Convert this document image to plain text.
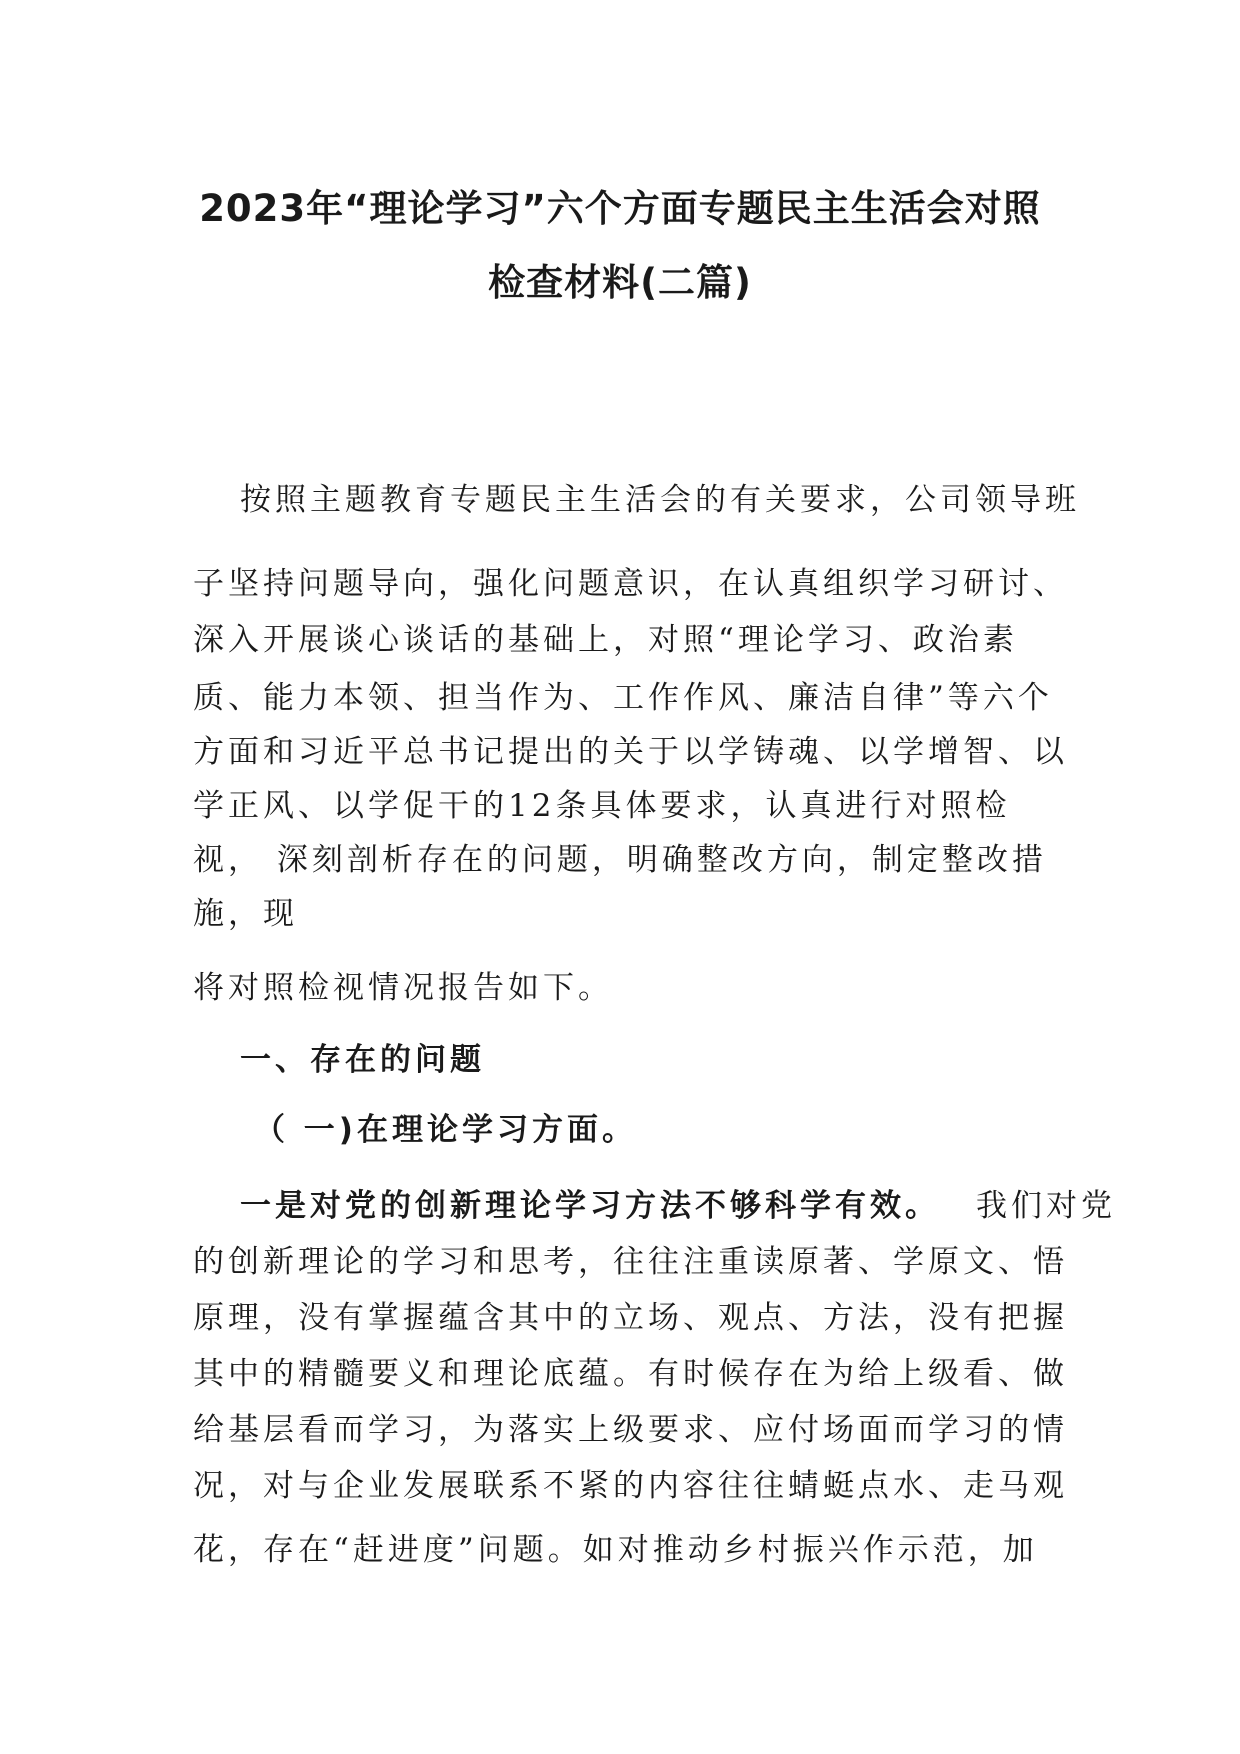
2023年“理论学习”六个方面专题民主生活会对照
检查材料(二篇)
按照主题教育专题民主生活会的有关要求，公司领导班
子坚持问题导向，强化问题意识，在认真组织学习研讨、
深入开展谈心谈话的基础上，对照“理论学习、政治素
质、能力本领、担当作为、工作作风、廉洁自律”等六个
方面和习近平总书记提出的关于以学铸魂、以学增智、以
学正风、以学促干的12条具体要求，认真进行对照检
视， 深刻剖析存在的问题，明确整改方向，制定整改措
施，现
将对照检视情况报告如下。
一、存在的问题
（ 一)在理论学习方面。
一是对党的创新理论学习方法不够科学有效。 我们对党
的创新理论的学习和思考，往往注重读原著、学原文、悟
原理，没有掌握蕴含其中的立场、观点、方法，没有把握
其中的精髓要义和理论底蕴。有时候存在为给上级看、做
给基层看而学习，为落实上级要求、应付场面而学习的情
况，对与企业发展联系不紧的内容往往蜻蜓点水、走马观
花，存在“赶进度”问题。如对推动乡村振兴作示范，加
